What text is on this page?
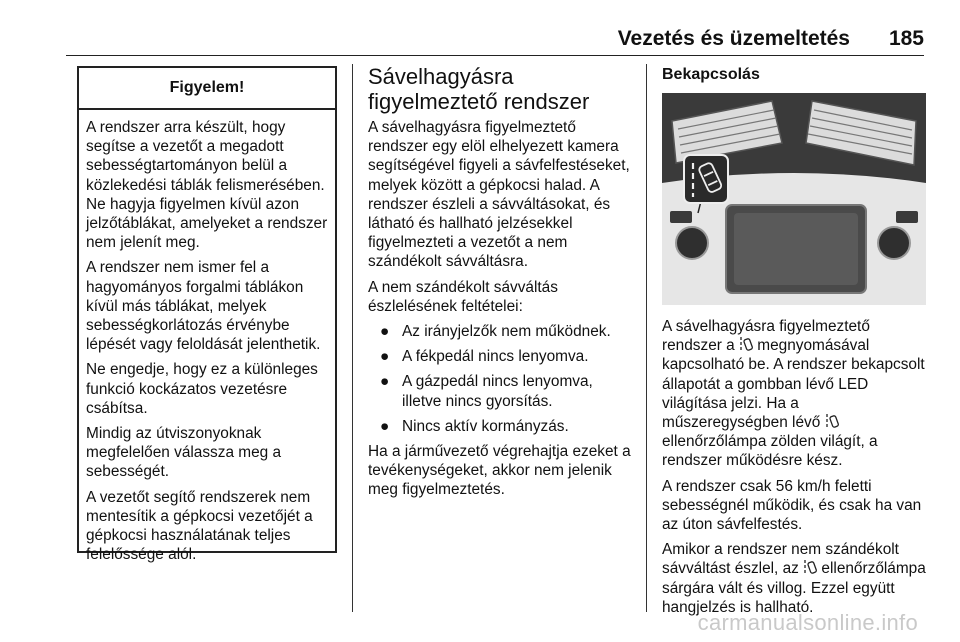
Vezetés és üzemeltetés 185
Figyelem!

A rendszer arra készült, hogy segítse a vezetőt a megadott sebességtartományon belül a közlekedési táblák felismerésében. Ne hagyja figyelmen kívül azon jelzőtáblákat, amelyeket a rendszer nem jelenít meg.

A rendszer nem ismer fel a hagyományos forgalmi táblákon kívül más táblákat, melyek sebességkorlátozás érvénybe lépését vagy feloldását jelenthetik.

Ne engedje, hogy ez a különleges funkció kockázatos vezetésre csábítsa.

Mindig az útviszonyoknak megfelelően válassza meg a sebességét.

A vezetőt segítő rendszerek nem mentesítik a gépkocsi vezetőjét a gépkocsi használatának teljes felelőssége alól.

Sávelhagyásra
figyelmeztető rendszer

A sávelhagyásra figyelmeztető rendszer egy elöl elhelyezett kamera segítségével figyeli a sávfelfestéseket, melyek között a gépkocsi halad. A rendszer észleli a sávváltásokat, és látható és hallható jelzésekkel figyelmezteti a vezetőt a nem szándékolt sávváltásra.

A nem szándékolt sávváltás észlelésének feltételei:

● Az irányjelzők nem működnek.
● A fékpedál nincs lenyomva.
● A gázpedál nincs lenyomva, illetve nincs gyorsítás.
● Nincs aktív kormányzás.

Ha a járművezető végrehajtja ezeket a tevékenységeket, akkor nem jelenik meg figyelmeztetés.

Bekapcsolás

A sávelhagyásra figyelmeztető rendszer a  megnyomásával kapcsolható be. A rendszer bekapcsolt állapotát a gombban lévő LED világítása jelzi. Ha a műszeregységben lévő  ellenőrzőlámpa zölden világít, a rendszer működésre kész.

A rendszer csak 56 km/h feletti sebességnél működik, és csak ha van az úton sávfelfestés.

Amikor a rendszer nem szándékolt sávváltást észlel, az  ellenőrzőlámpa sárgára vált és villog. Ezzel együtt hangjelzés is hallható.

carmanualsonline.info
